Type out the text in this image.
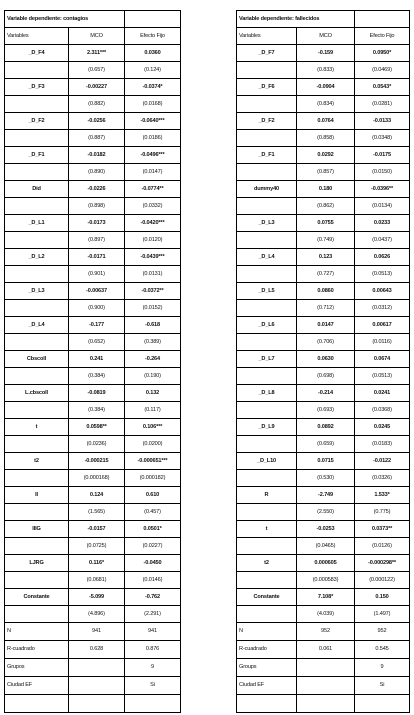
Variable dependiente: contagios		
Variables	MCO	Efecto Fijo
_D_F4	2.311***	0.0360
	(0.657)	(0.124)
_D_F3	-0.00227	-0.0374*
	(0.882)	(0.0168)
_D_F2	-0.0256	-0.0640***
	(0.887)	(0.0186)
_D_F1	-0.0182	-0.0496***
	(0.890)	(0.0147)
Did	-0.0226	-0.0774**
	(0.898)	(0.0332)
_D_L1	-0.0173	-0.0420***
	(0.897)	(0.0120)
_D_L2	-0.0171	-0.0439***
	(0.901)	(0.0131)
_D_L3	-0.00637	-0.0372**
	(0.900)	(0.0152)
_D_L4	-0.177	-0.618
	(0.652)	(0.389)
Cbscoll	0.241	-0.264
	(0.384)	(0.190)
L.cbscoll	-0.0819	0.132
	(0.384)	(0.117)
t	0.0598**	0.106***
	(0.0236)	(0.0200)
t2	-0.000215	-0.000651***
	(0.000168)	(0.000182)
II	0.124	0.610
	(1.565)	(0.457)
IIIG	-0.0157	0.0501*
	(0.0725)	(0.0227)
LJRG	0.116*	-0.0450
	(0.0681)	(0.0146)
Constante	-5.099	-0.762
	(4.896)	(2.291)
N	941	941
R-cuadrado	0.628	0.876
Grupos		9
Ciudad EF		Si

Variable dependiente: fallecidos		
Variables	MCO	Efecto Fijo
_D_F7	-0.159	0.0950*
	(0.833)	(0.0469)
_D_F6	-0.0904	0.0543*
	(0.834)	(0.0281)
_D_F2	0.0764	-0.0133
	(0.858)	(0.0348)
_D_F1	0.0292	-0.0175
	(0.857)	(0.0150)
dummy40	0.180	-0.0396**
	(0.862)	(0.0134)
_D_L3	0.0755	0.0233
	(0.749)	(0.0437)
_D_L4	0.123	0.0626
	(0.727)	(0.0513)
_D_L5	0.0860	0.00643
	(0.712)	(0.0312)
_D_L6	0.0147	0.00617
	(0.706)	(0.0116)
_D_L7	0.0630	0.0674
	(0.698)	(0.0513)
_D_L8	-0.214	0.0241
	(0.693)	(0.0368)
_D_L9	0.0892	0.0245
	(0.659)	(0.0183)
_D_L10	0.0715	-0.0122
	(0.530)	(0.0326)
R	-2.749	1.533*
	(2.550)	(0.775)
t	-0.0253	0.0373**
	(0.0465)	(0.0126)
t2	0.000605	-0.000298**
	(0.000583)	(0.000122)
Constante	7.108*	0.150
	(4.039)	(1.497)
N	952	952
R-cuadrado	0.061	0.545
Groups		9
Ciudad EF		Si
